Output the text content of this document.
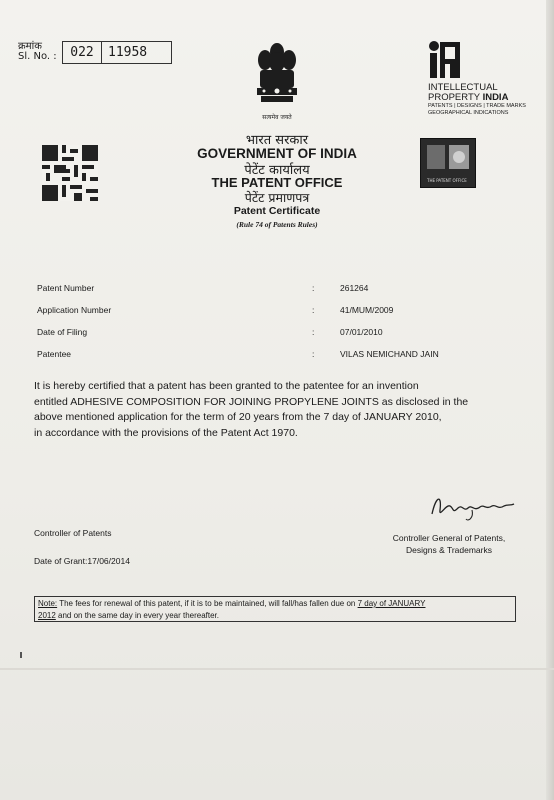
क्रमांक
Sl. No. :	022 11958
सत्यमेव जयते
INTELLECTUAL
PROPERTY INDIA
PATENTS | DESIGNS | TRADE MARKS
GEOGRAPHICAL INDICATIONS
THE PATENT OFFICE
भारत सरकार
GOVERNMENT OF INDIA
पेटेंट कार्यालय
THE PATENT OFFICE
पेटेंट प्रमाणपत्र
Patent Certificate
(Rule 74 of Patents Rules)
Patent Number	:	261264
Application Number	:	41/MUM/2009
Date of Filing	:	07/01/2010
Patentee	:	VILAS NEMICHAND JAIN
It is hereby certified that a patent has been granted to the patentee for an invention
entitled ADHESIVE COMPOSITION FOR JOINING PROPYLENE JOINTS as disclosed in the
above mentioned application for the term of 20 years from the 7 day of JANUARY 2010,
in accordance with the provisions of the Patent Act 1970.
Controller of Patents
Date of Grant:17/06/2014
Controller General of Patents,
Designs & Trademarks
Note: The fees for renewal of this patent, if it is to be maintained, will fall/has fallen due on 7 day of JANUARY
2012 and on the same day in every year thereafter.
